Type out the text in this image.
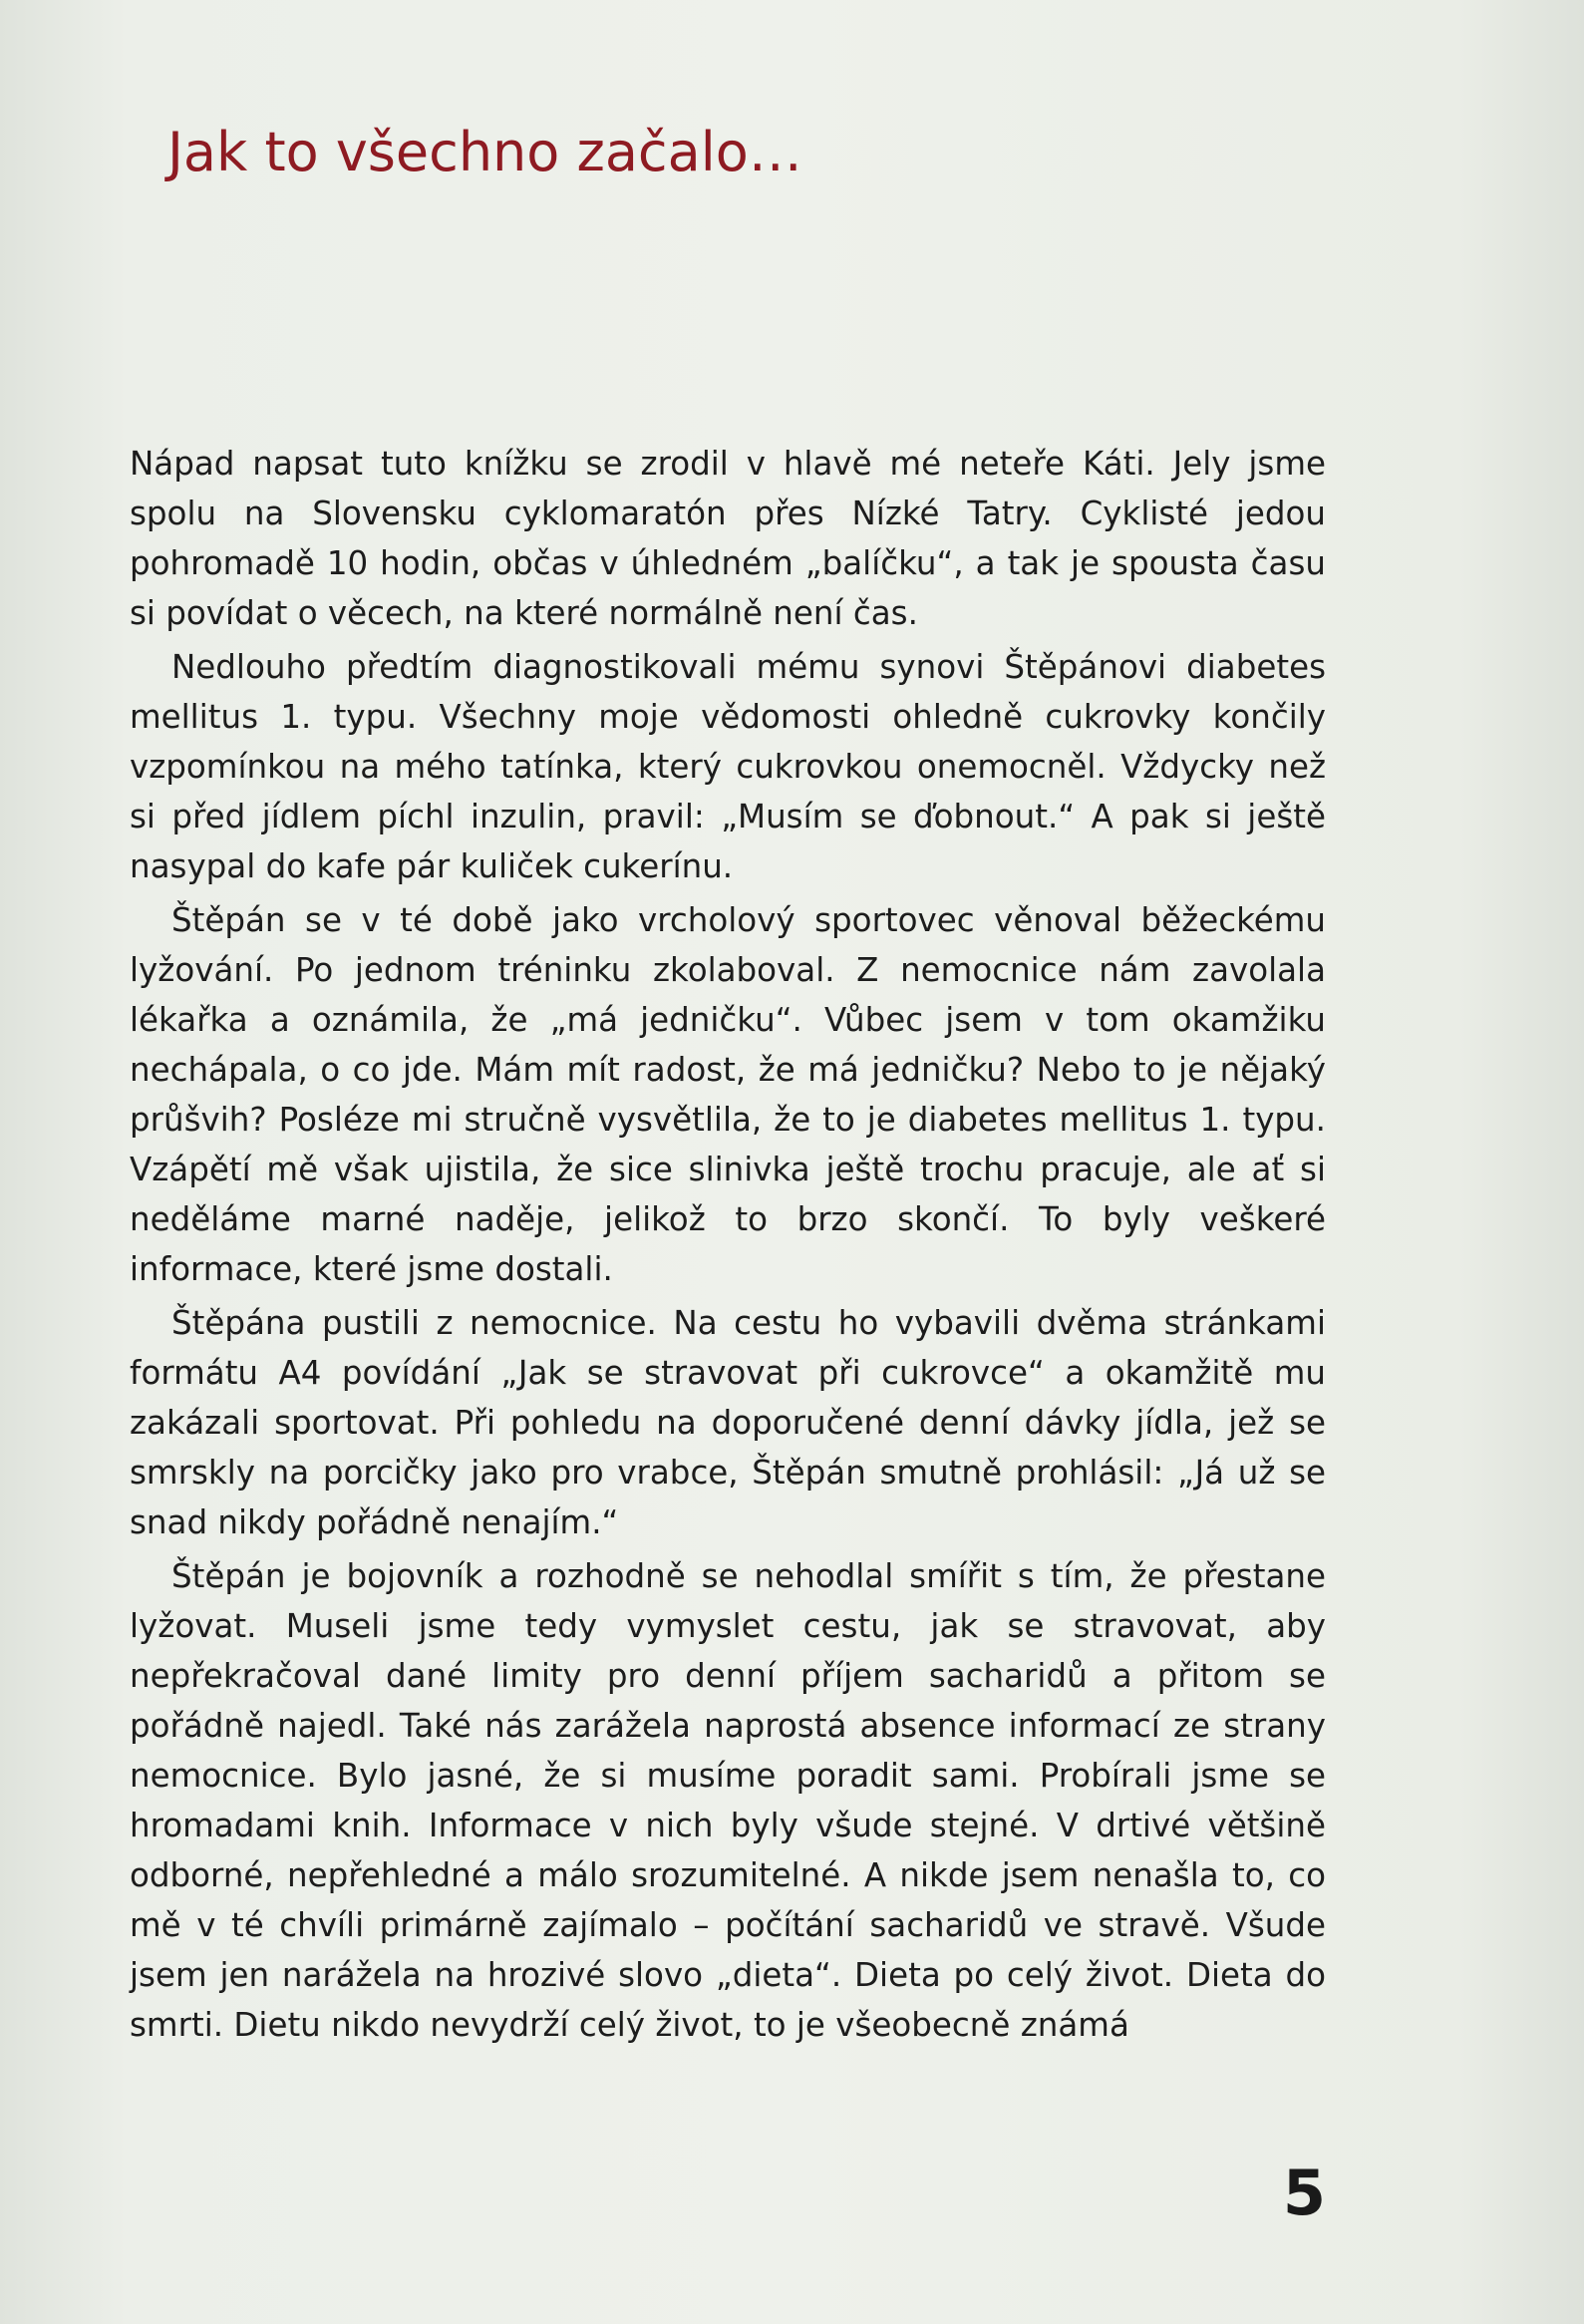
Jak to všechno začalo…

Nápad napsat tuto knížku se zrodil v hlavě mé neteře Káti. Jely jsme spolu na Slovensku cyklomaratón přes Nízké Tatry. Cyklisté jedou pohromadě 10 hodin, občas v úhledném „balíčku“, a tak je spousta času si povídat o věcech, na které normálně není čas.

Nedlouho předtím diagnostikovali mému synovi Štěpánovi diabetes mellitus 1. typu. Všechny moje vědomosti ohledně cukrovky končily vzpomínkou na mého tatínka, který cukrovkou onemocněl. Vždycky než si před jídlem píchl inzulin, pravil: „Musím se ďobnout.“ A pak si ještě nasypal do kafe pár kuliček cukerínu.

Štěpán se v té době jako vrcholový sportovec věnoval běžeckému lyžování. Po jednom tréninku zkolaboval. Z nemocnice nám zavolala lékařka a oznámila, že „má jedničku“. Vůbec jsem v tom okamžiku nechápala, o co jde. Mám mít radost, že má jedničku? Nebo to je nějaký průšvih? Posléze mi stručně vysvětlila, že to je diabetes mellitus 1. typu. Vzápětí mě však ujistila, že sice slinivka ještě trochu pracuje, ale ať si neděláme marné naděje, jelikož to brzo skončí. To byly veškeré informace, které jsme dostali.

Štěpána pustili z nemocnice. Na cestu ho vybavili dvěma stránkami formátu A4 povídání „Jak se stravovat při cukrovce“ a okamžitě mu zakázali sportovat. Při pohledu na doporučené denní dávky jídla, jež se smrskly na porcičky jako pro vrabce, Štěpán smutně prohlásil: „Já už se snad nikdy pořádně nenajím.“

Štěpán je bojovník a rozhodně se nehodlal smířit s tím, že přestane lyžovat. Museli jsme tedy vymyslet cestu, jak se stravovat, aby nepřekračoval dané limity pro denní příjem sacharidů a přitom se pořádně najedl. Také nás zarážela naprostá absence informací ze strany nemocnice. Bylo jasné, že si musíme poradit sami. Probírali jsme se hromadami knih. Informace v nich byly všude stejné. V drtivé většině odborné, nepřehledné a málo srozumitelné. A nikde jsem nenašla to, co mě v té chvíli primárně zajímalo – počítání sacharidů ve stravě. Všude jsem jen narážela na hrozivé slovo „dieta“. Dieta po celý život. Dieta do smrti. Dietu nikdo nevydrží celý život, to je všeobecně známá

5
